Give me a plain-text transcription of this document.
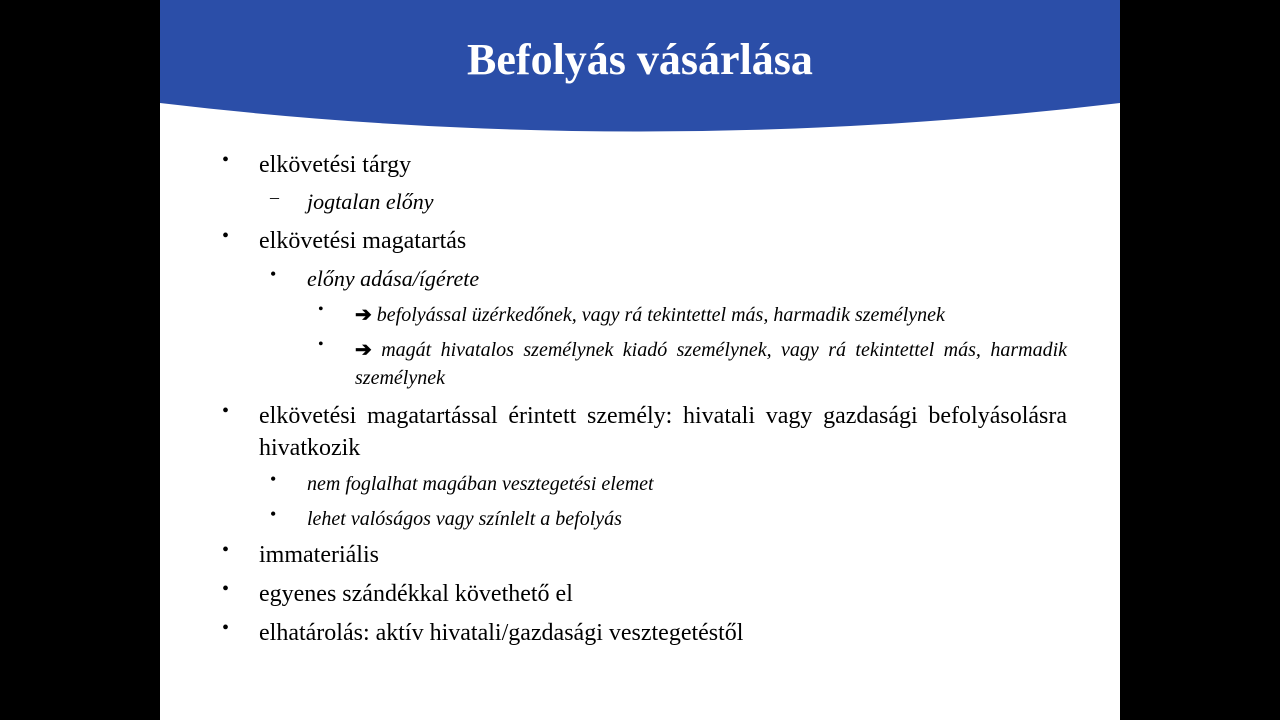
Befolyás vásárlása
• elkövetési tárgy
– jogtalan előny
• elkövetési magatartás
• előny adása/ígérete
• ➔ befolyással üzérkedőnek, vagy rá tekintettel más, harmadik személynek
• ➔ magát hivatalos személynek kiadó személynek, vagy rá tekintettel más, harmadik személynek
• elkövetési magatartással érintett személy: hivatali vagy gazdasági befolyásolásra hivatkozik
• nem foglalhat magában vesztegetési elemet
• lehet valóságos vagy színlelt a befolyás
• immateriális
• egyenes szándékkal követhető el
• elhatárolás: aktív hivatali/gazdasági vesztegetéstől
